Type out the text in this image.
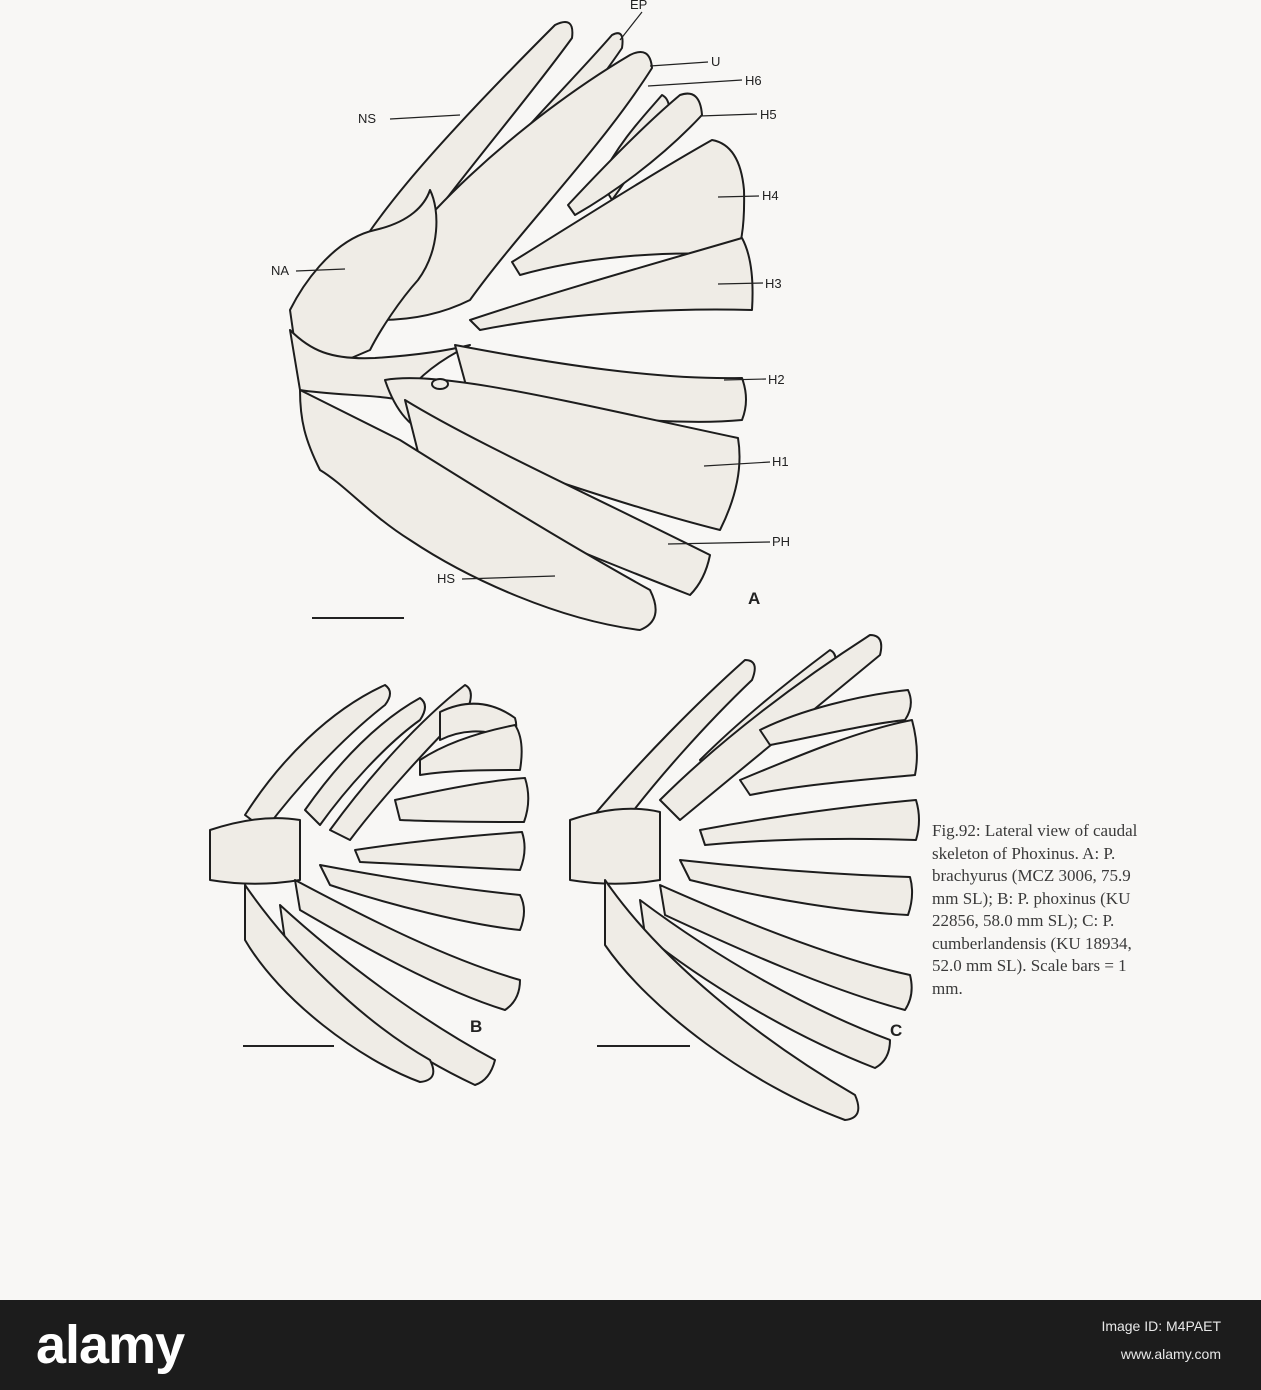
EP
U
H6
H5
H4
H3
H2
H1
PH
HS
NS
NA
A
B	C
Fig.92: Lateral view of caudal
skeleton of Phoxinus. A: P.
brachyurus (MCZ 3006, 75.9
mm SL); B: P. phoxinus (KU
22856, 58.0 mm SL); C: P.
cumberlandensis (KU 18934,
52.0 mm SL). Scale bars = 1
mm.
alamy	Image ID: M4PAET
www.alamy.com
